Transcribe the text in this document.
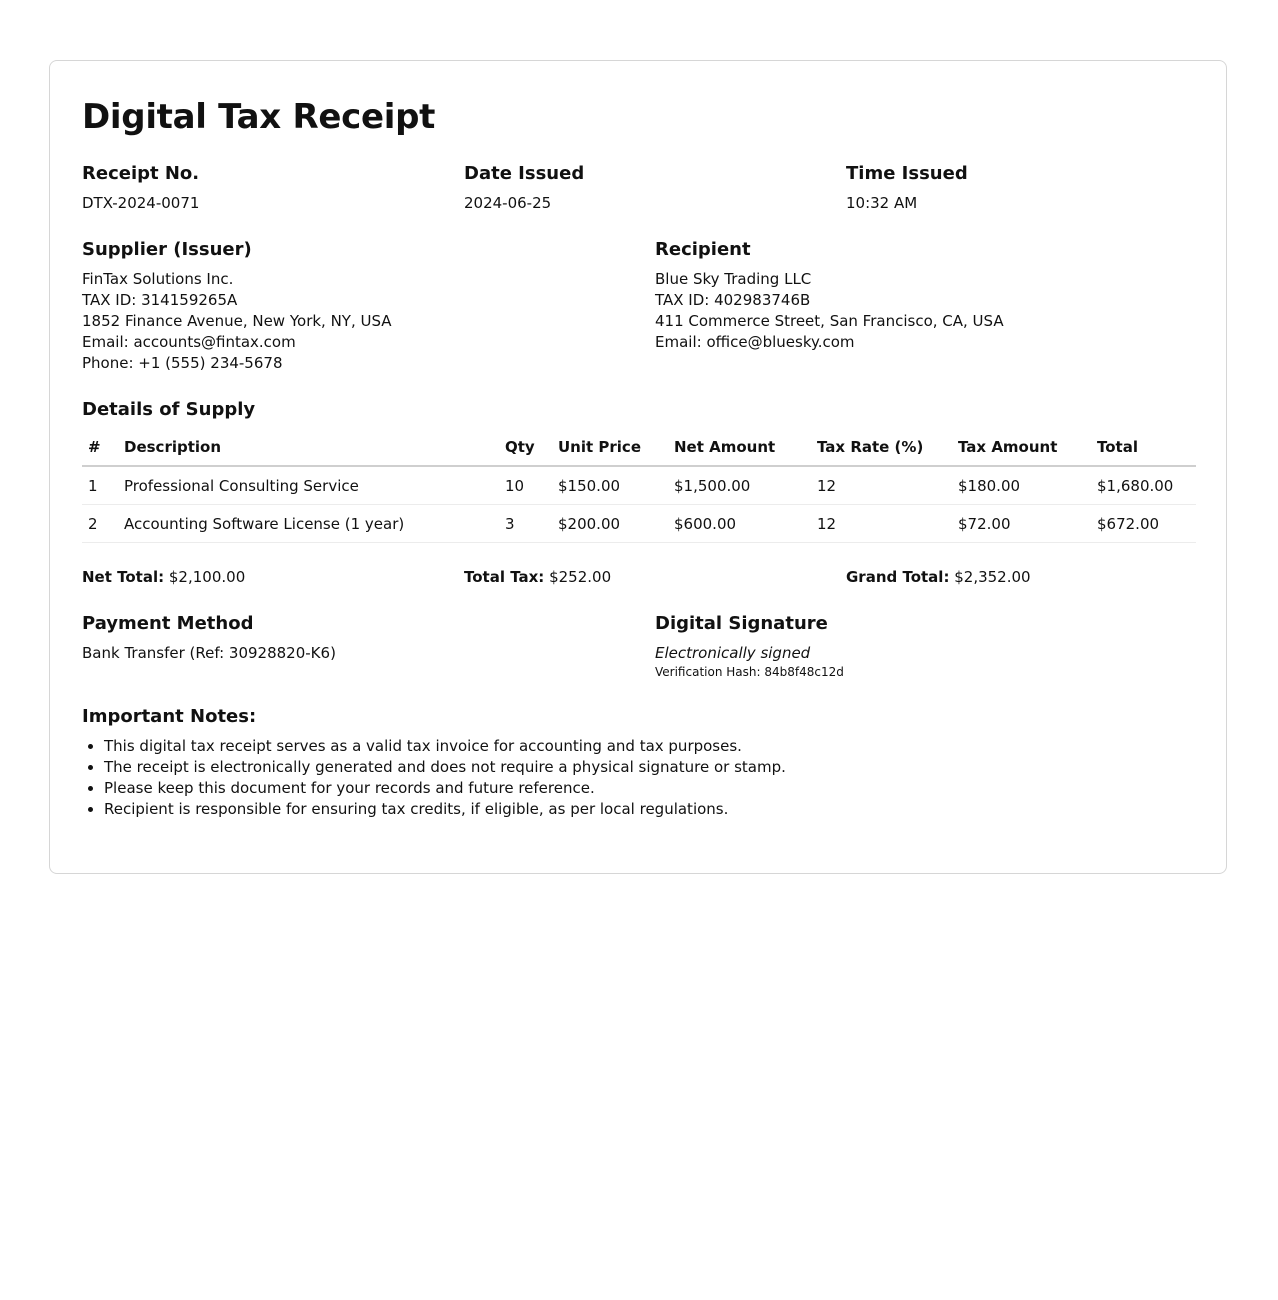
Digital Tax Receipt
Receipt No.
DTX-2024-0071
Date Issued
2024-06-25
Time Issued
10:32 AM
Supplier (Issuer)
FinTax Solutions Inc.
TAX ID: 314159265A
1852 Finance Avenue, New York, NY, USA
Email: accounts@fintax.com
Phone: +1 (555) 234-5678
Recipient
Blue Sky Trading LLC
TAX ID: 402983746B
411 Commerce Street, San Francisco, CA, USA
Email: office@bluesky.com
Details of Supply
#	Description	Qty	Unit Price	Net Amount	Tax Rate (%)	Tax Amount	Total
1	Professional Consulting Service	10	$150.00	$1,500.00	12	$180.00	$1,680.00
2	Accounting Software License (1 year)	3	$200.00	$600.00	12	$72.00	$672.00
Net Total: $2,100.00	Total Tax: $252.00	Grand Total: $2,352.00
Payment Method
Bank Transfer (Ref: 30928820-K6)
Digital Signature
Electronically signed
Verification Hash: 84b8f48c12d
Important Notes:
• This digital tax receipt serves as a valid tax invoice for accounting and tax purposes.
• The receipt is electronically generated and does not require a physical signature or stamp.
• Please keep this document for your records and future reference.
• Recipient is responsible for ensuring tax credits, if eligible, as per local regulations.
